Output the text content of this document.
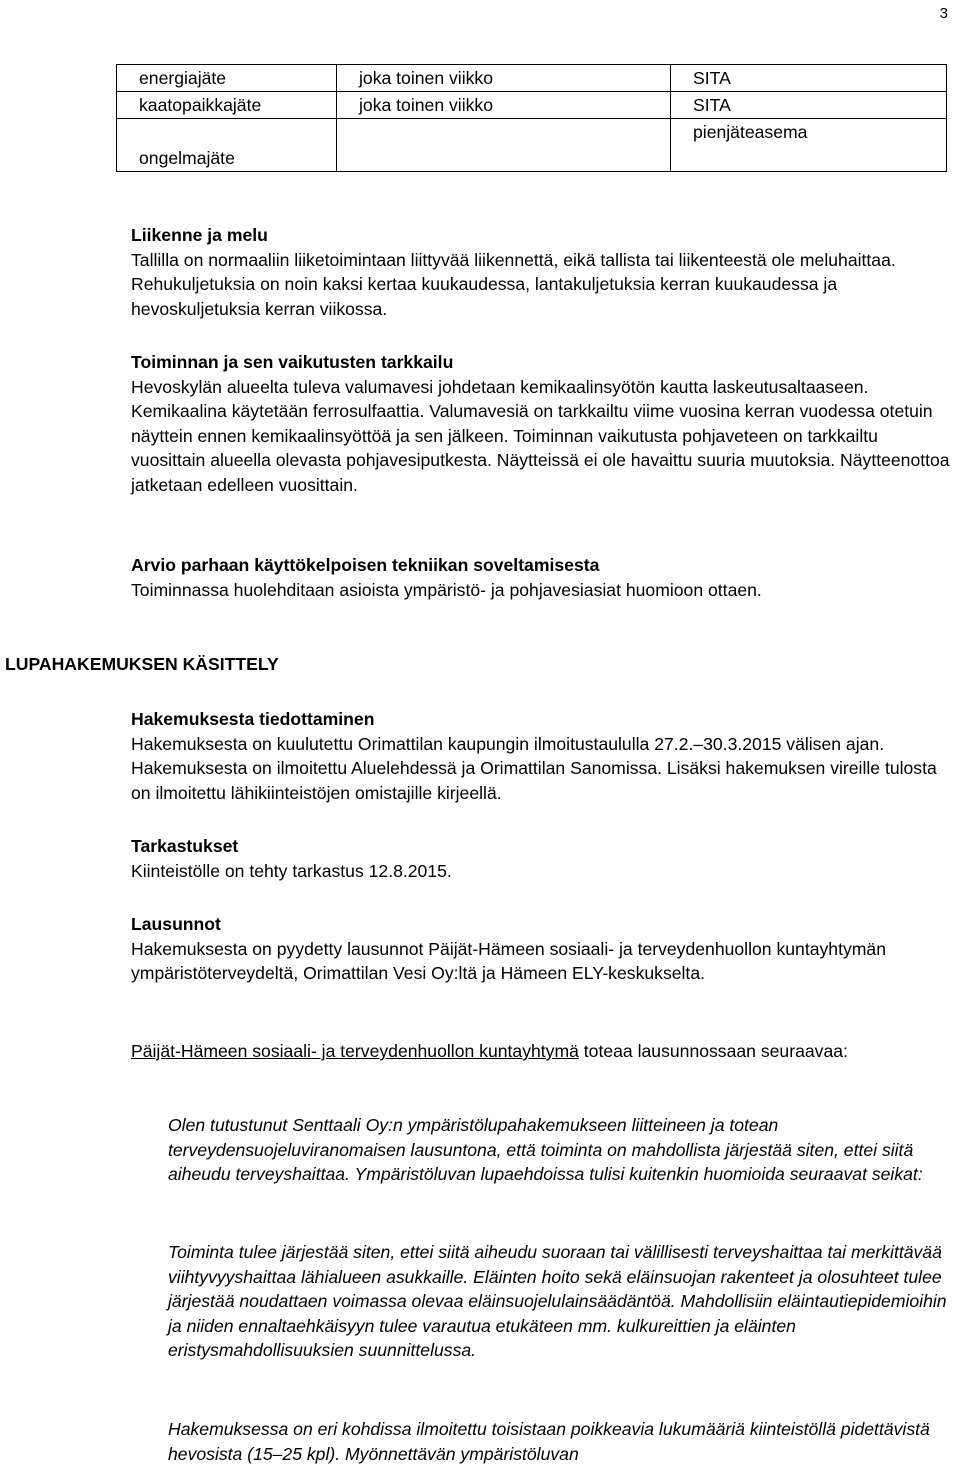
3
energiajäte	joka toinen viikko	SITA
kaatopaikkajäte	joka toinen viikko	SITA
ongelmajäte		pienjäteasema

Liikenne ja melu

Tallilla on normaaliin liiketoimintaan liittyvää liikennettä, eikä tallista tai liikenteestä ole meluhaittaa. Rehukuljetuksia on noin kaksi kertaa kuukaudessa, lantakuljetuksia kerran kuukaudessa ja hevoskuljetuksia kerran viikossa.

Toiminnan ja sen vaikutusten tarkkailu

Hevoskylän alueelta tuleva valumavesi johdetaan kemikaalinsyötön kautta laskeutusaltaaseen. Kemikaalina käytetään ferrosulfaattia. Valumavesiä on tarkkailtu viime vuosina kerran vuodessa otetuin näyttein ennen kemikaalinsyöttöä ja sen jälkeen. Toiminnan vaikutusta pohjaveteen on tarkkailtu vuosittain alueella olevasta pohjavesiputkesta. Näytteissä ei ole havaittu suuria muutoksia. Näytteenottoa jatketaan edelleen vuosittain.

Arvio parhaan käyttökelpoisen tekniikan soveltamisesta

Toiminnassa huolehditaan asioista ympäristö- ja pohjavesiasiat huomioon ottaen.

LUPAHAKEMUKSEN KÄSITTELY

Hakemuksesta tiedottaminen

Hakemuksesta on kuulutettu Orimattilan kaupungin ilmoitustaululla 27.2.–30.3.2015 välisen ajan. Hakemuksesta on ilmoitettu Aluelehdessä ja Orimattilan Sanomissa. Lisäksi hakemuksen vireille tulosta on ilmoitettu lähikiinteistöjen omistajille kirjeellä.

Tarkastukset

Kiinteistölle on tehty tarkastus 12.8.2015.

Lausunnot

Hakemuksesta on pyydetty lausunnot Päijät-Hämeen sosiaali- ja terveydenhuollon kuntayhtymän ympäristöterveydeltä, Orimattilan Vesi Oy:ltä ja Hämeen ELY-keskukselta.

Päijät-Hämeen sosiaali- ja terveydenhuollon kuntayhtymä toteaa lausunnossaan seuraavaa:

Olen tutustunut Senttaali Oy:n ympäristölupahakemukseen liitteineen ja totean terveydensuojeluviranomaisen lausuntona, että toiminta on mahdollista järjestää siten, ettei siitä aiheudu terveyshaittaa. Ympäristöluvan lupaehdoissa tulisi kuitenkin huomioida seuraavat seikat:
Toiminta tulee järjestää siten, ettei siitä aiheudu suoraan tai välillisesti terveyshaittaa tai merkittävää viihtyvyyshaittaa lähialueen asukkaille. Eläinten hoito sekä eläinsuojan rakenteet ja olosuhteet tulee järjestää noudattaen voimassa olevaa eläinsuojelulainsäädäntöä. Mahdollisiin eläintautiepidemioihin ja niiden ennaltaehkäisyyn tulee varautua etukäteen mm. kulkureittien ja eläinten eristysmahdollisuuksien suunnittelussa.
Hakemuksessa on eri kohdissa ilmoitettu toisistaan poikkeavia lukumääriä kiinteistöllä pidettävistä hevosista (15–25 kpl). Myönnettävän ympäristöluvan
